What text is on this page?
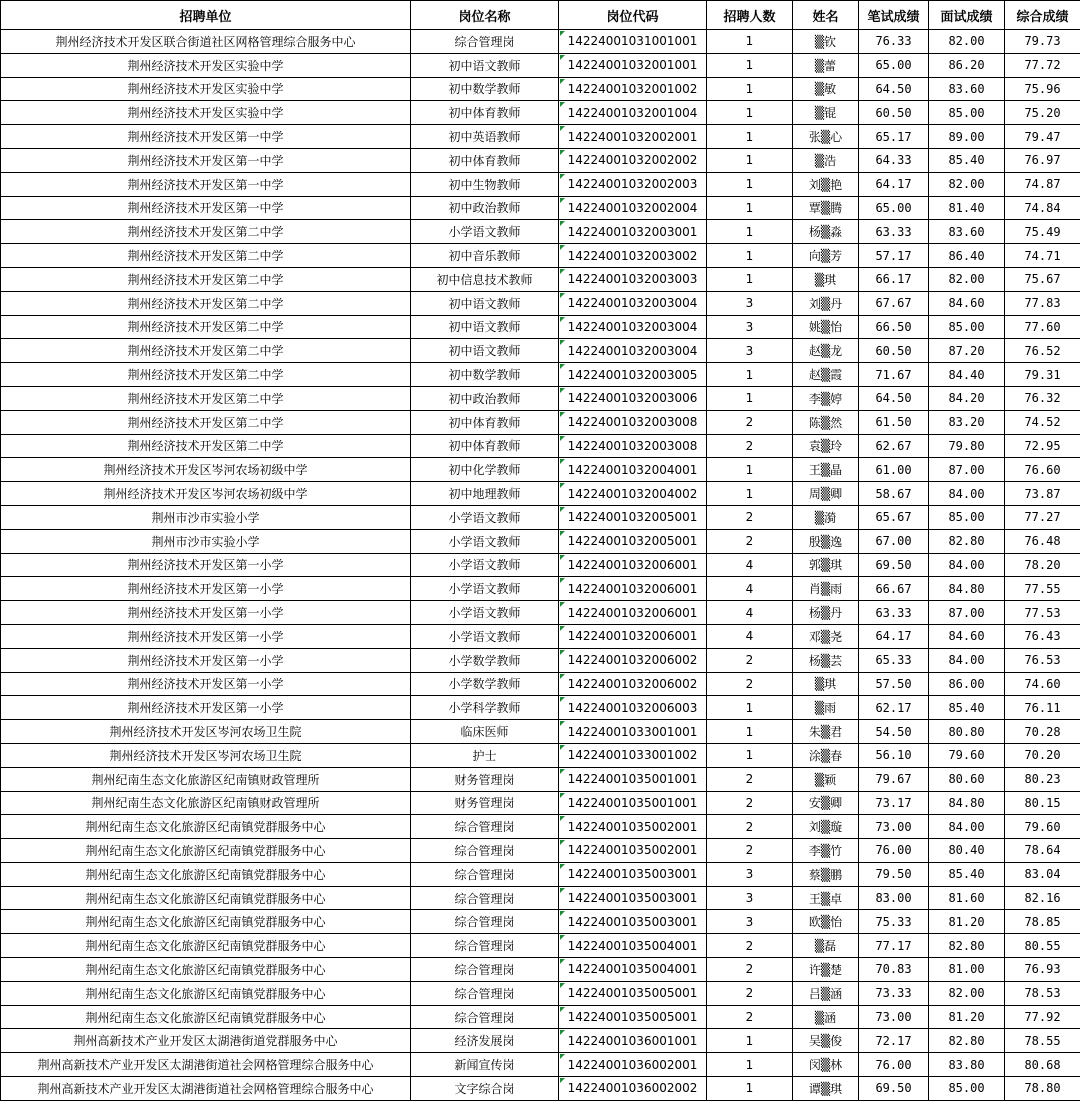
招聘单位	岗位名称	岗位代码	招聘人数	姓名	笔试成绩	面试成绩	综合成绩
荆州经济技术开发区联合街道社区网格管理综合服务中心	综合管理岗	14224001031001001	1	▒钦	76.33	82.00	79.73
荆州经济技术开发区实验中学	初中语文教师	14224001032001001	1	▒蕾	65.00	86.20	77.72
荆州经济技术开发区实验中学	初中数学教师	14224001032001002	1	▒敏	64.50	83.60	75.96
荆州经济技术开发区实验中学	初中体育教师	14224001032001004	1	▒锟	60.50	85.00	75.20
荆州经济技术开发区第一中学	初中英语教师	14224001032002001	1	张▒心	65.17	89.00	79.47
荆州经济技术开发区第一中学	初中体育教师	14224001032002002	1	▒浩	64.33	85.40	76.97
荆州经济技术开发区第一中学	初中生物教师	14224001032002003	1	刘▒艳	64.17	82.00	74.87
荆州经济技术开发区第一中学	初中政治教师	14224001032002004	1	覃▒腾	65.00	81.40	74.84
荆州经济技术开发区第二中学	小学语文教师	14224001032003001	1	杨▒淼	63.33	83.60	75.49
荆州经济技术开发区第二中学	初中音乐教师	14224001032003002	1	向▒芳	57.17	86.40	74.71
荆州经济技术开发区第二中学	初中信息技术教师	14224001032003003	1	▒琪	66.17	82.00	75.67
荆州经济技术开发区第二中学	初中语文教师	14224001032003004	3	刘▒丹	67.67	84.60	77.83
荆州经济技术开发区第二中学	初中语文教师	14224001032003004	3	姚▒怡	66.50	85.00	77.60
荆州经济技术开发区第二中学	初中语文教师	14224001032003004	3	赵▒龙	60.50	87.20	76.52
荆州经济技术开发区第二中学	初中数学教师	14224001032003005	1	赵▒霞	71.67	84.40	79.31
荆州经济技术开发区第二中学	初中政治教师	14224001032003006	1	李▒婷	64.50	84.20	76.32
荆州经济技术开发区第二中学	初中体育教师	14224001032003008	2	陈▒然	61.50	83.20	74.52
荆州经济技术开发区第二中学	初中体育教师	14224001032003008	2	袁▒玲	62.67	79.80	72.95
荆州经济技术开发区岑河农场初级中学	初中化学教师	14224001032004001	1	王▒晶	61.00	87.00	76.60
荆州经济技术开发区岑河农场初级中学	初中地理教师	14224001032004002	1	周▒卿	58.67	84.00	73.87
荆州市沙市实验小学	小学语文教师	14224001032005001	2	▒漪	65.67	85.00	77.27
荆州市沙市实验小学	小学语文教师	14224001032005001	2	殷▒逸	67.00	82.80	76.48
荆州经济技术开发区第一小学	小学语文教师	14224001032006001	4	郭▒琪	69.50	84.00	78.20
荆州经济技术开发区第一小学	小学语文教师	14224001032006001	4	肖▒雨	66.67	84.80	77.55
荆州经济技术开发区第一小学	小学语文教师	14224001032006001	4	杨▒丹	63.33	87.00	77.53
荆州经济技术开发区第一小学	小学语文教师	14224001032006001	4	邓▒尧	64.17	84.60	76.43
荆州经济技术开发区第一小学	小学数学教师	14224001032006002	2	杨▒芸	65.33	84.00	76.53
荆州经济技术开发区第一小学	小学数学教师	14224001032006002	2	▒琪	57.50	86.00	74.60
荆州经济技术开发区第一小学	小学科学教师	14224001032006003	1	▒雨	62.17	85.40	76.11
荆州经济技术开发区岑河农场卫生院	临床医师	14224001033001001	1	朱▒君	54.50	80.80	70.28
荆州经济技术开发区岑河农场卫生院	护士	14224001033001002	1	涂▒春	56.10	79.60	70.20
荆州纪南生态文化旅游区纪南镇财政管理所	财务管理岗	14224001035001001	2	▒颖	79.67	80.60	80.23
荆州纪南生态文化旅游区纪南镇财政管理所	财务管理岗	14224001035001001	2	安▒卿	73.17	84.80	80.15
荆州纪南生态文化旅游区纪南镇党群服务中心	综合管理岗	14224001035002001	2	刘▒璇	73.00	84.00	79.60
荆州纪南生态文化旅游区纪南镇党群服务中心	综合管理岗	14224001035002001	2	李▒竹	76.00	80.40	78.64
荆州纪南生态文化旅游区纪南镇党群服务中心	综合管理岗	14224001035003001	3	蔡▒鹏	79.50	85.40	83.04
荆州纪南生态文化旅游区纪南镇党群服务中心	综合管理岗	14224001035003001	3	王▒卓	83.00	81.60	82.16
荆州纪南生态文化旅游区纪南镇党群服务中心	综合管理岗	14224001035003001	3	欧▒怡	75.33	81.20	78.85
荆州纪南生态文化旅游区纪南镇党群服务中心	综合管理岗	14224001035004001	2	▒磊	77.17	82.80	80.55
荆州纪南生态文化旅游区纪南镇党群服务中心	综合管理岗	14224001035004001	2	许▒楚	70.83	81.00	76.93
荆州纪南生态文化旅游区纪南镇党群服务中心	综合管理岗	14224001035005001	2	吕▒涵	73.33	82.00	78.53
荆州纪南生态文化旅游区纪南镇党群服务中心	综合管理岗	14224001035005001	2	▒涵	73.00	81.20	77.92
荆州高新技术产业开发区太湖港街道党群服务中心	经济发展岗	14224001036001001	1	吴▒俊	72.17	82.80	78.55
荆州高新技术产业开发区太湖港街道社会网格管理综合服务中心	新闻宣传岗	14224001036002001	1	闵▒林	76.00	83.80	80.68
荆州高新技术产业开发区太湖港街道社会网格管理综合服务中心	文字综合岗	14224001036002002	1	谭▒琪	69.50	85.00	78.80
